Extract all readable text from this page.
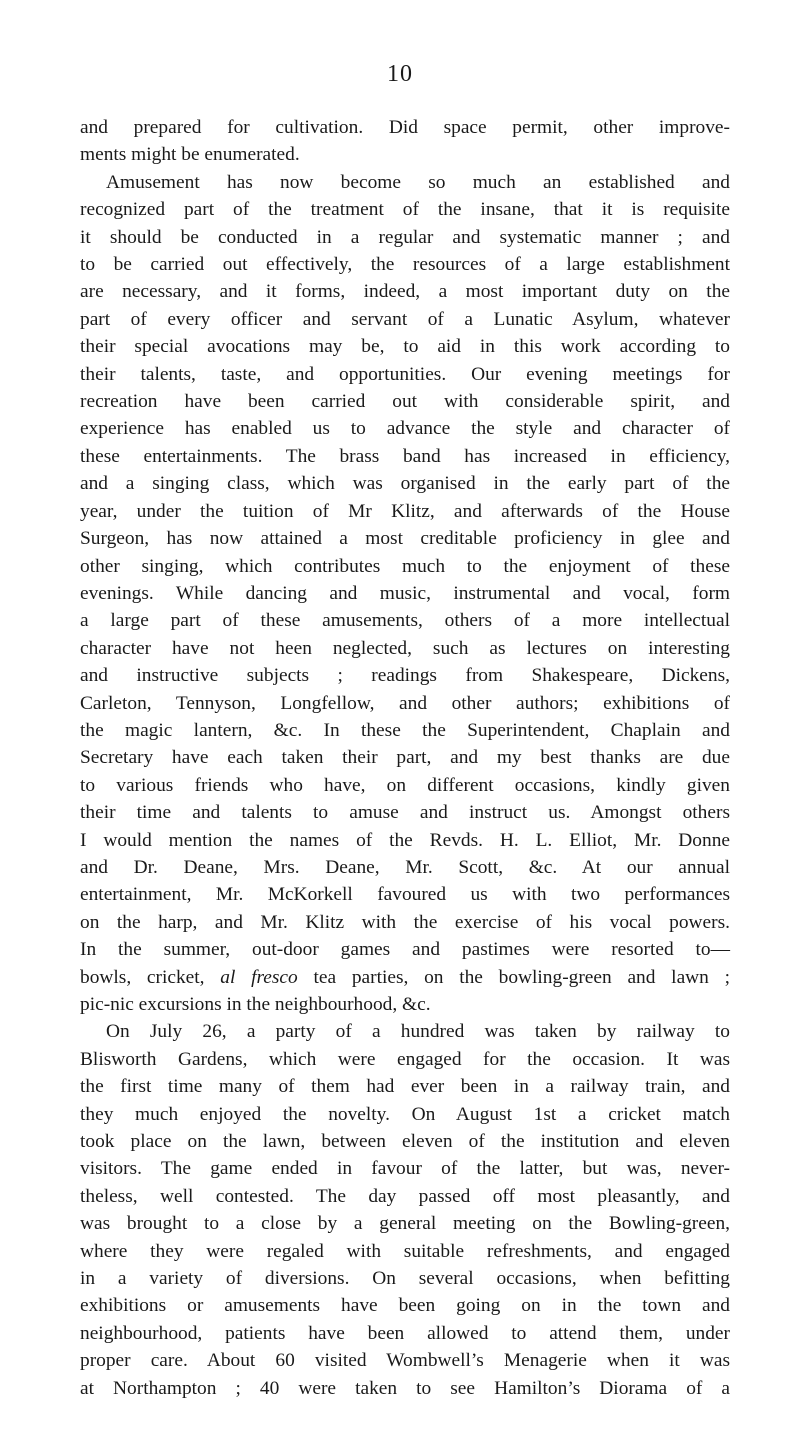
10
and prepared for cultivation. Did space permit, other improve-
ments might be enumerated.
Amusement has now become so much an established and
recognized part of the treatment of the insane, that it is requisite
it should be conducted in a regular and systematic manner ; and
to be carried out effectively, the resources of a large establishment
are necessary, and it forms, indeed, a most important duty on the
part of every officer and servant of a Lunatic Asylum, whatever
their special avocations may be, to aid in this work according to
their talents, taste, and opportunities. Our evening meetings for
recreation have been carried out with considerable spirit, and
experience has enabled us to advance the style and character of
these entertainments. The brass band has increased in efficiency,
and a singing class, which was organised in the early part of the
year, under the tuition of Mr Klitz, and afterwards of the House
Surgeon, has now attained a most creditable proficiency in glee and
other singing, which contributes much to the enjoyment of these
evenings. While dancing and music, instrumental and vocal, form
a large part of these amusements, others of a more intellectual
character have not heen neglected, such as lectures on interesting
and instructive subjects ; readings from Shakespeare, Dickens,
Carleton, Tennyson, Longfellow, and other authors; exhibitions of
the magic lantern, &c. In these the Superintendent, Chaplain and
Secretary have each taken their part, and my best thanks are due
to various friends who have, on different occasions, kindly given
their time and talents to amuse and instruct us. Amongst others
I would mention the names of the Revds. H. L. Elliot, Mr. Donne
and Dr. Deane, Mrs. Deane, Mr. Scott, &c. At our annual
entertainment, Mr. McKorkell favoured us with two performances
on the harp, and Mr. Klitz with the exercise of his vocal powers.
In the summer, out-door games and pastimes were resorted to—
bowls, cricket, al fresco tea parties, on the bowling-green and lawn ;
pic-nic excursions in the neighbourhood, &c.
On July 26, a party of a hundred was taken by railway to
Blisworth Gardens, which were engaged for the occasion. It was
the first time many of them had ever been in a railway train, and
they much enjoyed the novelty. On August 1st a cricket match
took place on the lawn, between eleven of the institution and eleven
visitors. The game ended in favour of the latter, but was, never-
theless, well contested. The day passed off most pleasantly, and
was brought to a close by a general meeting on the Bowling-green,
where they were regaled with suitable refreshments, and engaged
in a variety of diversions. On several occasions, when befitting
exhibitions or amusements have been going on in the town and
neighbourhood, patients have been allowed to attend them, under
proper care. About 60 visited Wombwell’s Menagerie when it was
at Northampton ; 40 were taken to see Hamilton’s Diorama of a
